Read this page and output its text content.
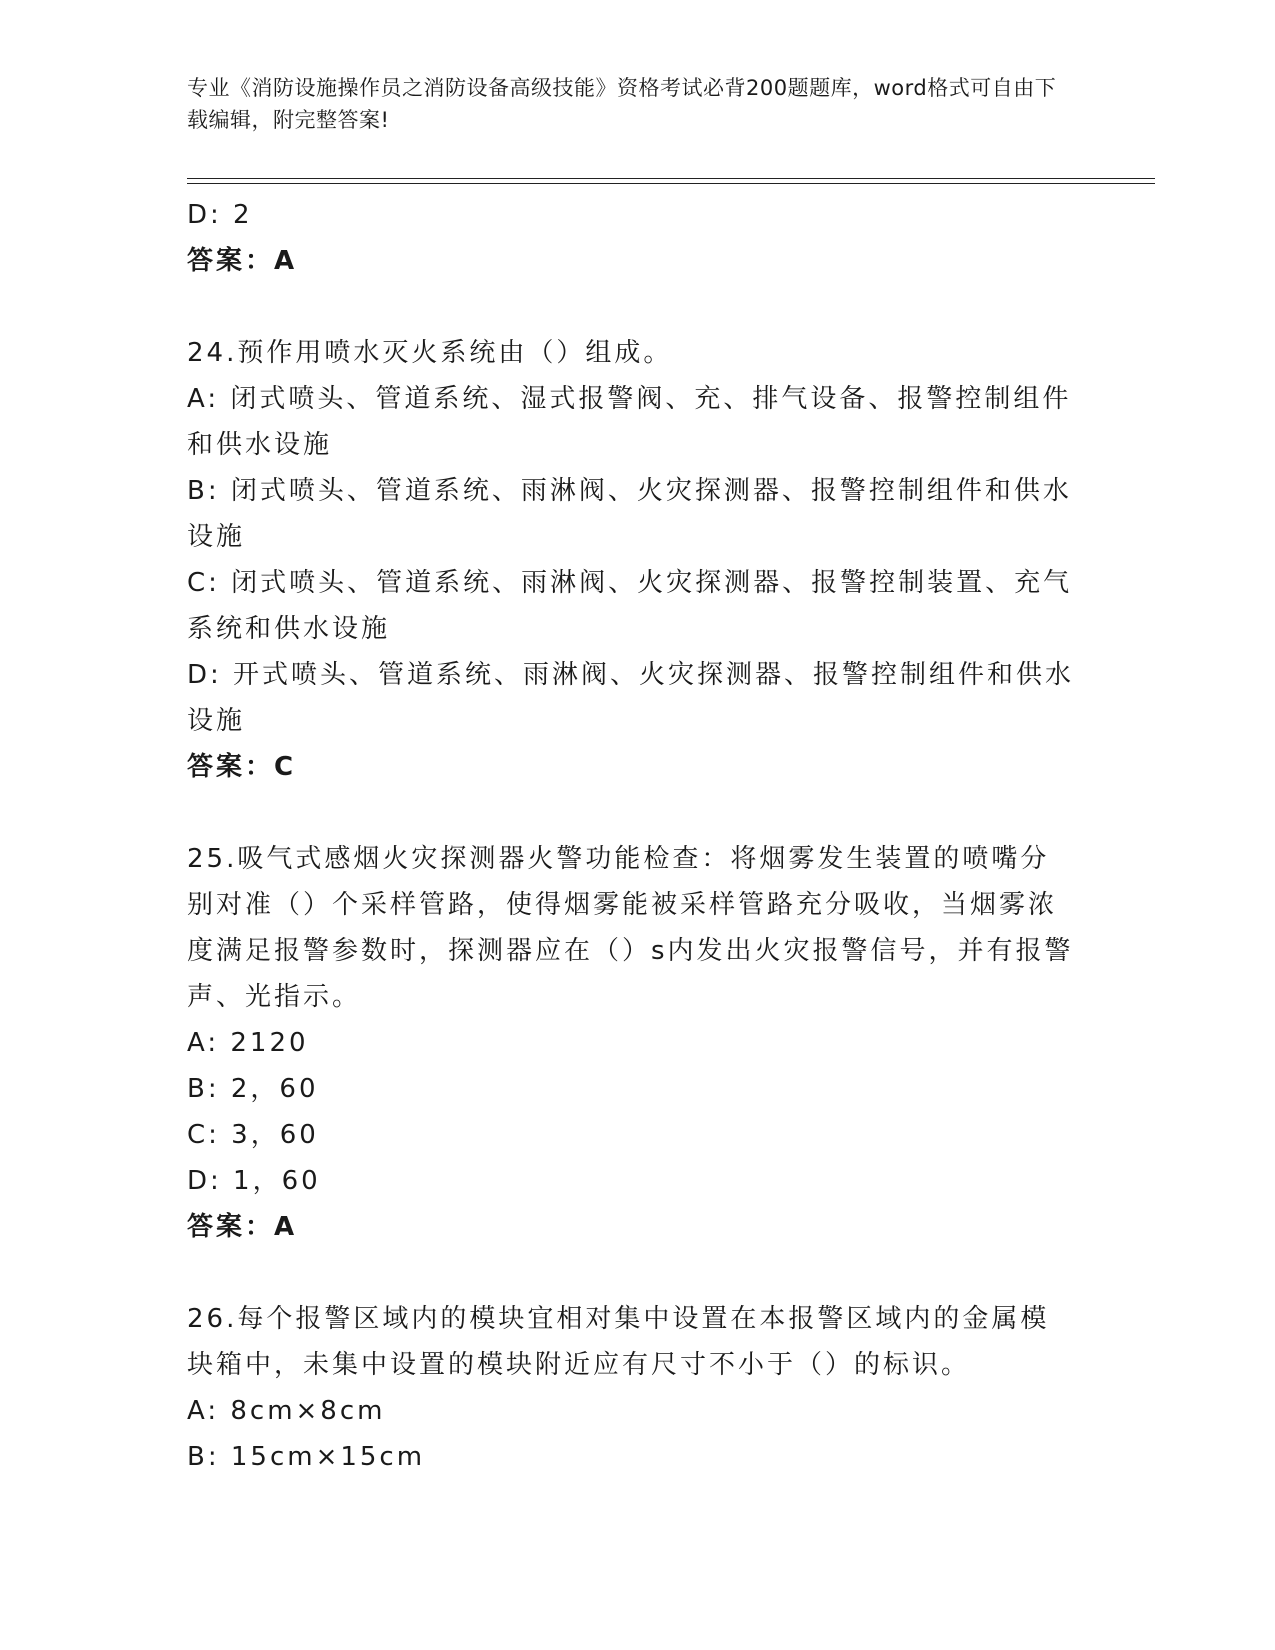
专业《消防设施操作员之消防设备高级技能》资格考试必背200题题库，word格式可自由下载编辑，附完整答案!
D: 2
答案：A
24.预作用喷水灭火系统由（）组成。
A: 闭式喷头、管道系统、湿式报警阀、充、排气设备、报警控制组件和供水设施
B: 闭式喷头、管道系统、雨淋阀、火灾探测器、报警控制组件和供水设施
C: 闭式喷头、管道系统、雨淋阀、火灾探测器、报警控制装置、充气系统和供水设施
D: 开式喷头、管道系统、雨淋阀、火灾探测器、报警控制组件和供水设施
答案：C
25.吸气式感烟火灾探测器火警功能检查：将烟雾发生装置的喷嘴分别对准（）个采样管路，使得烟雾能被采样管路充分吸收，当烟雾浓度满足报警参数时，探测器应在（）s内发出火灾报警信号，并有报警声、光指示。
A: 2120
B: 2，60
C: 3，60
D: 1，60
答案：A
26.每个报警区域内的模块宜相对集中设置在本报警区域内的金属模块箱中，未集中设置的模块附近应有尺寸不小于（）的标识。
A: 8cm×8cm
B: 15cm×15cm
